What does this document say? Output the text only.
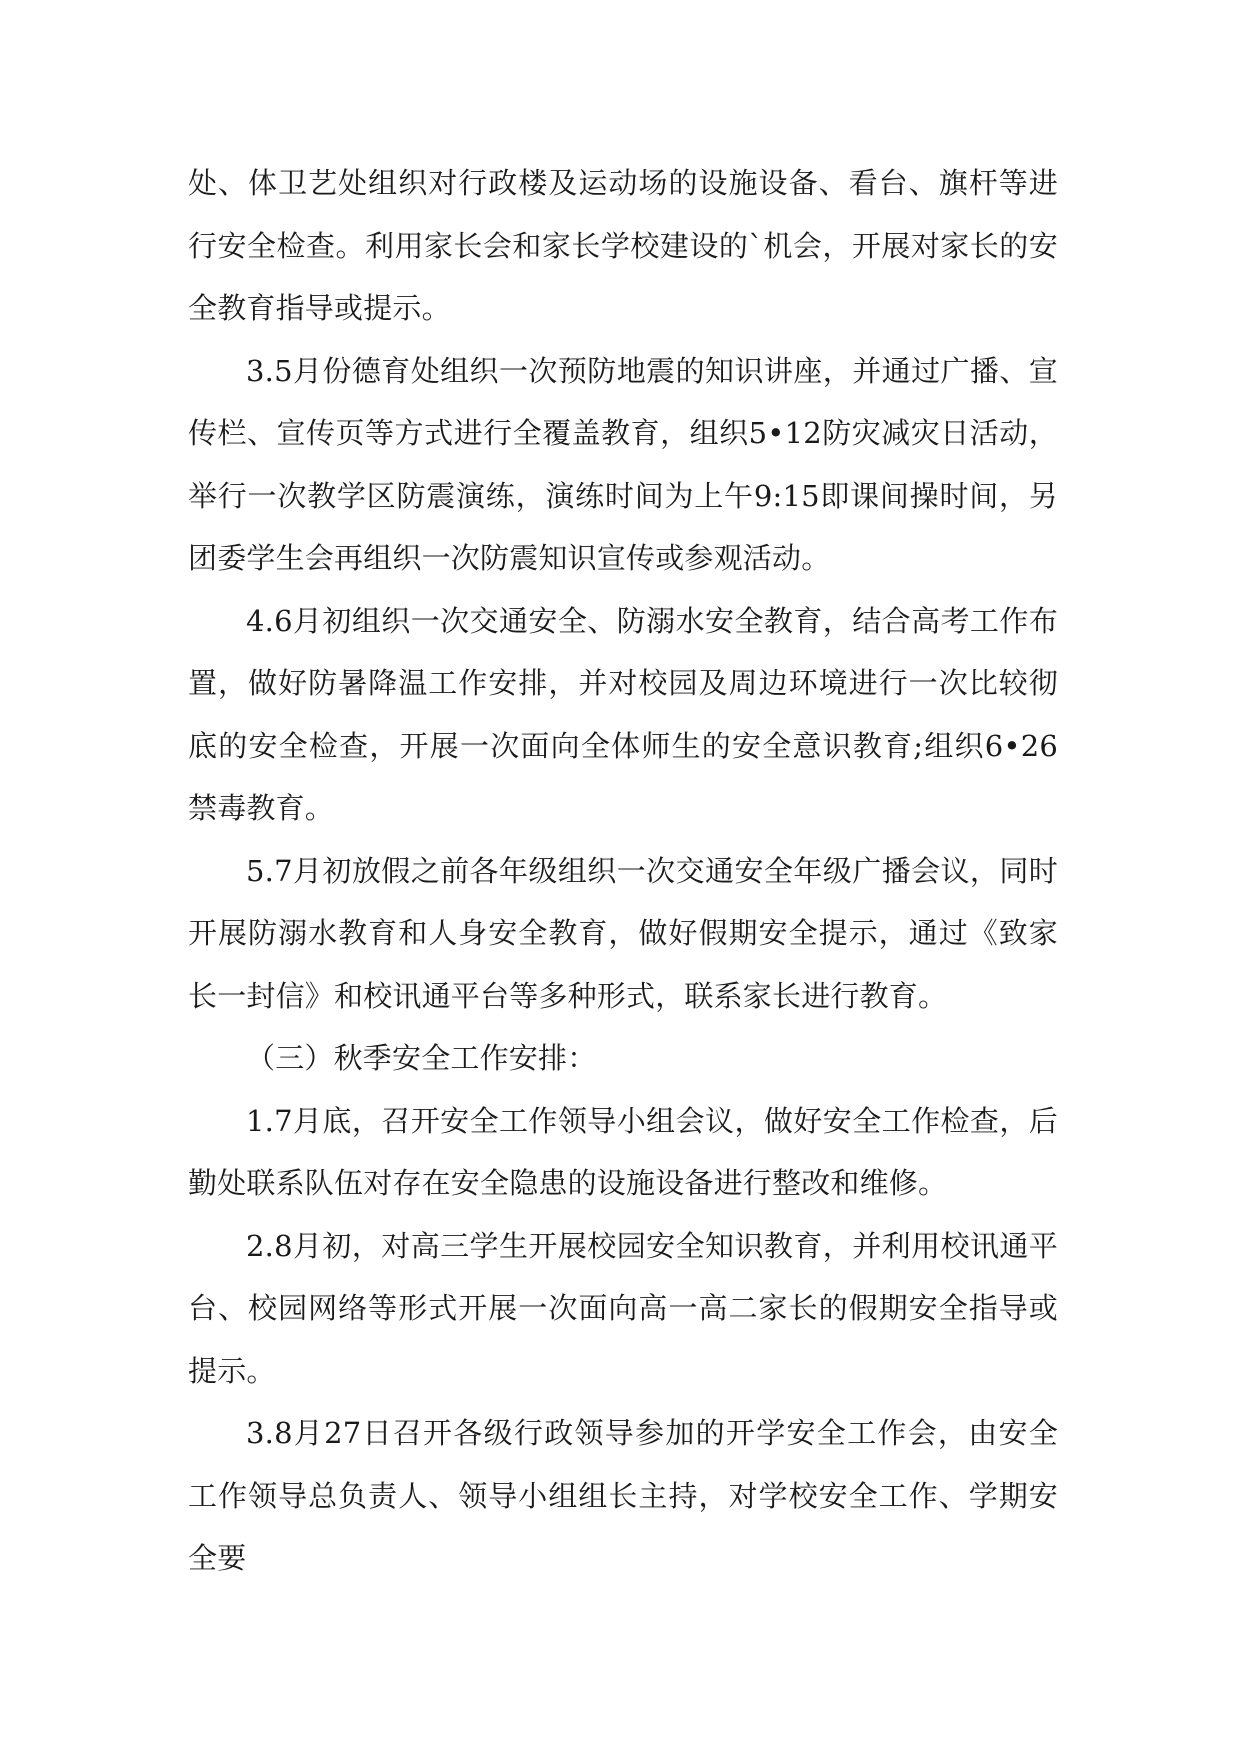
处、体卫艺处组织对行政楼及运动场的设施设备、看台、旗杆等进行安全检查。利用家长会和家长学校建设的`机会，开展对家长的安全教育指导或提示。

3.5月份德育处组织一次预防地震的知识讲座，并通过广播、宣传栏、宣传页等方式进行全覆盖教育，组织5•12防灾减灾日活动，举行一次教学区防震演练，演练时间为上午9:15即课间操时间，另团委学生会再组织一次防震知识宣传或参观活动。

4.6月初组织一次交通安全、防溺水安全教育，结合高考工作布置，做好防暑降温工作安排，并对校园及周边环境进行一次比较彻底的安全检查，开展一次面向全体师生的安全意识教育;组织6•26禁毒教育。

5.7月初放假之前各年级组织一次交通安全年级广播会议，同时开展防溺水教育和人身安全教育，做好假期安全提示，通过《致家长一封信》和校讯通平台等多种形式，联系家长进行教育。

（三）秋季安全工作安排：

1.7月底，召开安全工作领导小组会议，做好安全工作检查，后勤处联系队伍对存在安全隐患的设施设备进行整改和维修。

2.8月初，对高三学生开展校园安全知识教育，并利用校讯通平台、校园网络等形式开展一次面向高一高二家长的假期安全指导或提示。

3.8月27日召开各级行政领导参加的开学安全工作会，由安全工作领导总负责人、领导小组组长主持，对学校安全工作、学期安全要
